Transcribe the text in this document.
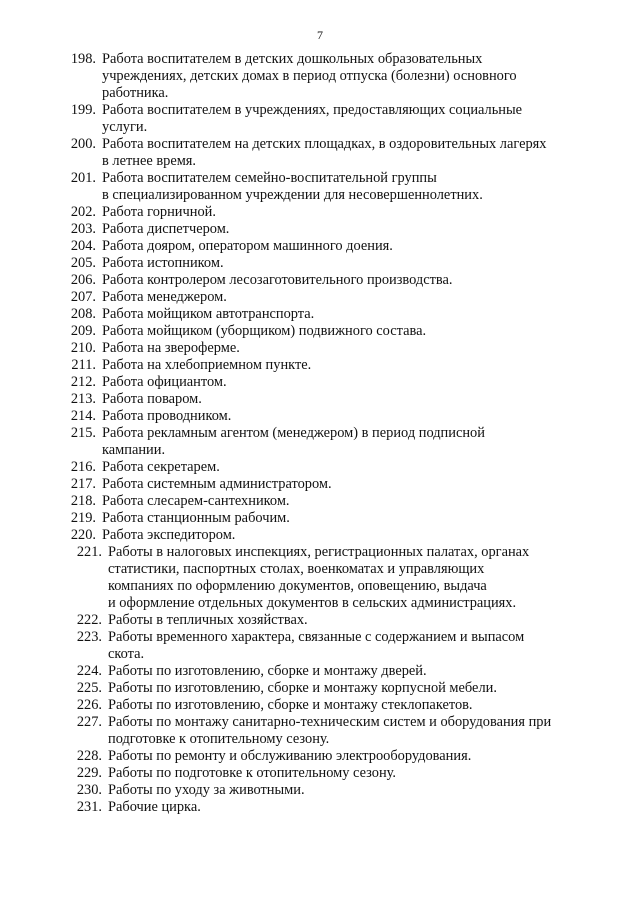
7
198. Работа воспитателем в детских дошкольных образовательных
учреждениях, детских домах в период отпуска (болезни) основного
работника.
199. Работа воспитателем в учреждениях, предоставляющих социальные
услуги.
200. Работа воспитателем на детских площадках, в оздоровительных лагерях
в летнее время.
201. Работа воспитателем семейно-воспитательной группы
в специализированном учреждении для несовершеннолетних.
202. Работа горничной.
203. Работа диспетчером.
204. Работа дояром, оператором машинного доения.
205. Работа истопником.
206. Работа контролером лесозаготовительного производства.
207. Работа менеджером.
208. Работа мойщиком автотранспорта.
209. Работа мойщиком (уборщиком) подвижного состава.
210. Работа на звероферме.
211. Работа на хлебоприемном пункте.
212. Работа официантом.
213. Работа поваром.
214. Работа проводником.
215. Работа рекламным агентом (менеджером) в период подписной
кампании.
216. Работа секретарем.
217. Работа системным администратором.
218. Работа слесарем-сантехником.
219. Работа станционным рабочим.
220. Работа экспедитором.
221. Работы в налоговых инспекциях, регистрационных палатах, органах
статистики, паспортных столах, военкоматах и управляющих
компаниях по оформлению документов, оповещению, выдача
и оформление отдельных документов в сельских администрациях.
222. Работы в тепличных хозяйствах.
223. Работы временного характера, связанные с содержанием и выпасом
скота.
224. Работы по изготовлению, сборке и монтажу дверей.
225. Работы по изготовлению, сборке и монтажу корпусной мебели.
226. Работы по изготовлению, сборке и монтажу стеклопакетов.
227. Работы по монтажу санитарно-техническим систем и оборудования при
подготовке к отопительному сезону.
228. Работы по ремонту и обслуживанию электрооборудования.
229. Работы по подготовке к отопительному сезону.
230. Работы по уходу за животными.
231. Рабочие цирка.
